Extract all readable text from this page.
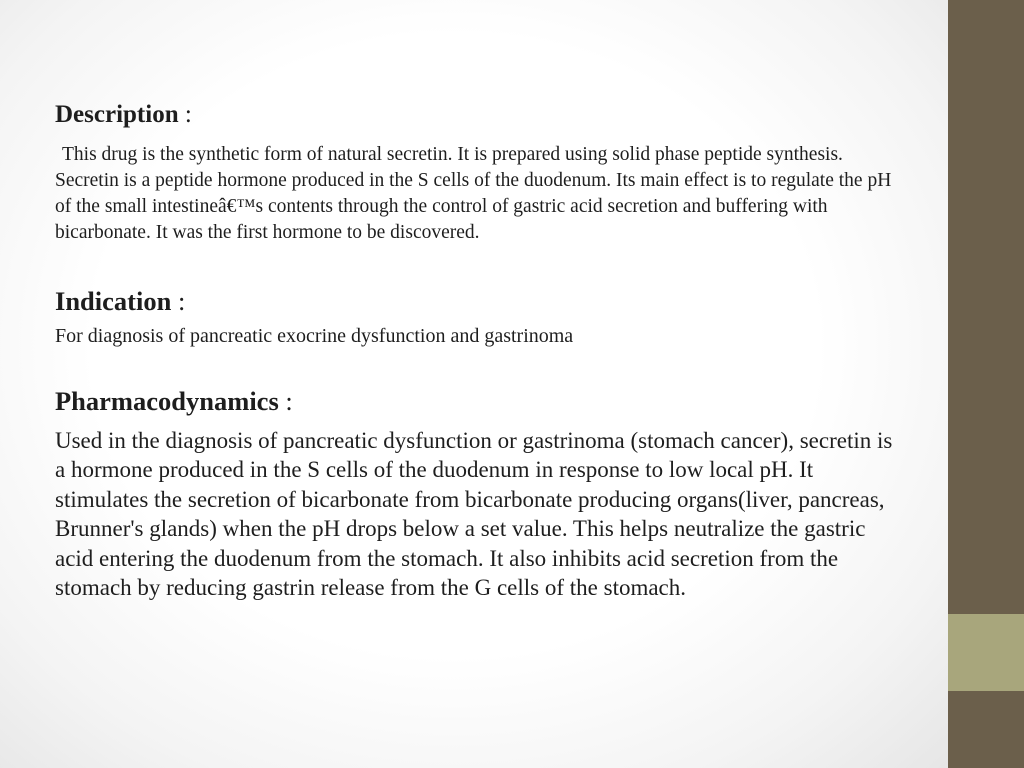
Description :

This drug is the synthetic form of natural secretin. It is prepared using solid phase peptide synthesis. Secretin is a peptide hormone produced in the S cells of the duodenum. Its main effect is to regulate the pH of the small intestineâ€™s contents through the control of gastric acid secretion and buffering with bicarbonate. It was the first hormone to be discovered.

Indication :

For diagnosis of pancreatic exocrine dysfunction and gastrinoma

Pharmacodynamics :

Used in the diagnosis of pancreatic dysfunction or gastrinoma (stomach cancer), secretin is a hormone produced in the S cells of the duodenum in response to low local pH. It stimulates the secretion of bicarbonate from bicarbonate producing organs(liver, pancreas, Brunner's glands) when the pH drops below a set value. This helps neutralize the gastric acid entering the duodenum from the stomach. It also inhibits acid secretion from the stomach by reducing gastrin release from the G cells of the stomach.
